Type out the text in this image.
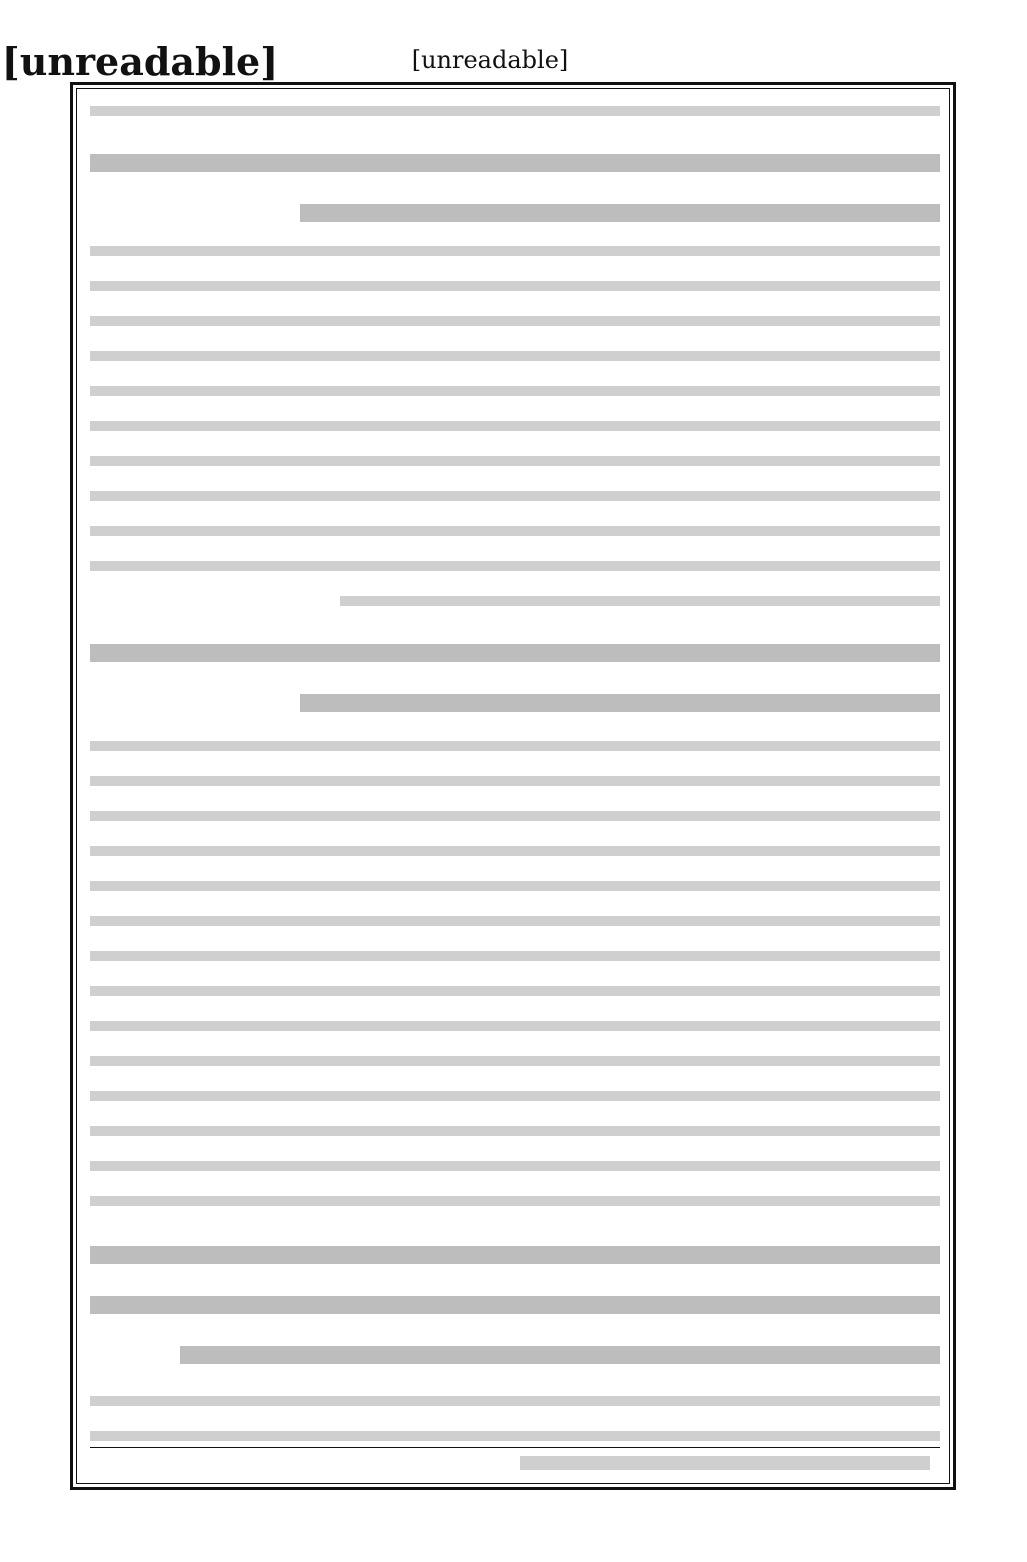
[unreadable]
[unreadable]
